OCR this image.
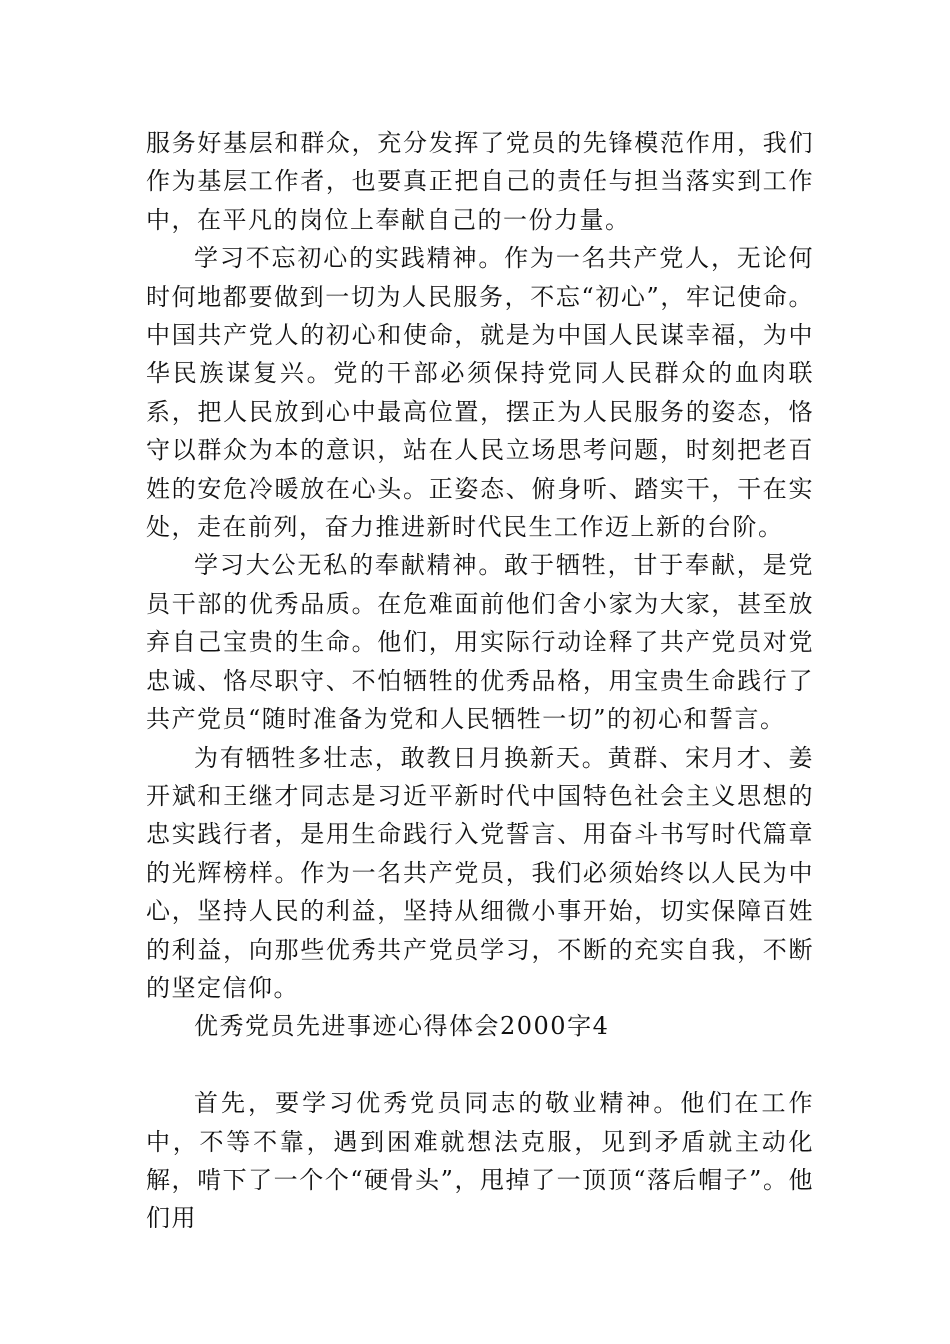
服务好基层和群众，充分发挥了党员的先锋模范作用，我们作为基层工作者，也要真正把自己的责任与担当落实到工作中，在平凡的岗位上奉献自己的一份力量。

学习不忘初心的实践精神。作为一名共产党人，无论何时何地都要做到一切为人民服务，不忘“初心”，牢记使命。中国共产党人的初心和使命，就是为中国人民谋幸福，为中华民族谋复兴。党的干部必须保持党同人民群众的血肉联系，把人民放到心中最高位置，摆正为人民服务的姿态，恪守以群众为本的意识，站在人民立场思考问题，时刻把老百姓的安危冷暖放在心头。正姿态、俯身听、踏实干，干在实处，走在前列，奋力推进新时代民生工作迈上新的台阶。

学习大公无私的奉献精神。敢于牺牲，甘于奉献，是党员干部的优秀品质。在危难面前他们舍小家为大家，甚至放弃自己宝贵的生命。他们，用实际行动诠释了共产党员对党忠诚、恪尽职守、不怕牺牲的优秀品格，用宝贵生命践行了共产党员“随时准备为党和人民牺牲一切”的初心和誓言。

为有牺牲多壮志，敢教日月换新天。黄群、宋月才、姜开斌和王继才同志是习近平新时代中国特色社会主义思想的忠实践行者，是用生命践行入党誓言、用奋斗书写时代篇章的光辉榜样。作为一名共产党员，我们必须始终以人民为中心，坚持人民的利益，坚持从细微小事开始，切实保障百姓的利益，向那些优秀共产党员学习，不断的充实自我，不断的坚定信仰。

优秀党员先进事迹心得体会2000字4

首先，要学习优秀党员同志的敬业精神。他们在工作中，不等不靠，遇到困难就想法克服，见到矛盾就主动化解，啃下了一个个“硬骨头”，甩掉了一顶顶“落后帽子”。他们用
